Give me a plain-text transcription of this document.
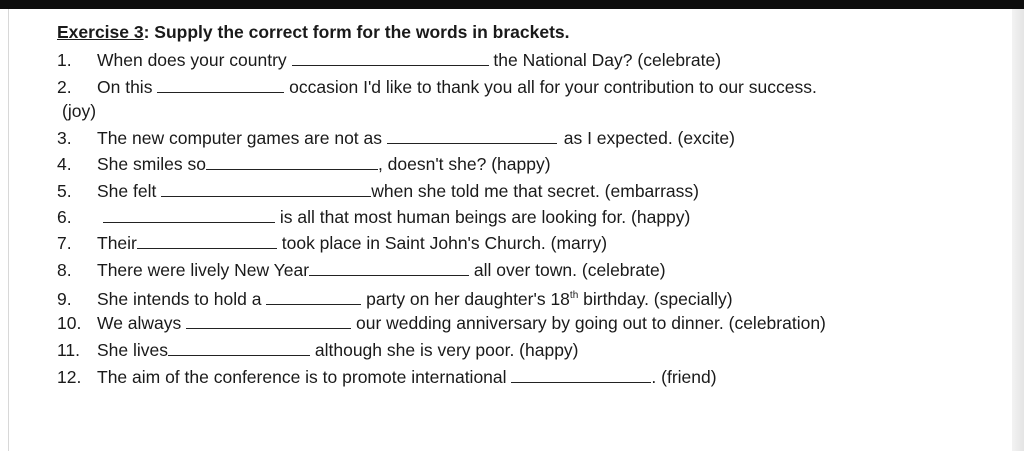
Exercise 3: Supply the correct form for the words in brackets.
1. When does your country	the National Day? (celebrate)
2. On this	occasion I'd like to thank you all for your contribution to our success.
(joy)
3. The new computer games are not as	as I expected. (excite)
4. She smiles so	, doesn't she? (happy)
5. She felt	when she told me that secret. (embarrass)
6.	is all that most human beings are looking for. (happy)
7. Their	took place in Saint John's Church. (marry)
8. There were lively New Year	all over town. (celebrate)
9. She intends to hold a	party on her daughter's 18th birthday. (specially)
10. We always	our wedding anniversary by going out to dinner. (celebration)
11. She lives	although she is very poor. (happy)
12. The aim of the conference is to promote international	. (friend)
